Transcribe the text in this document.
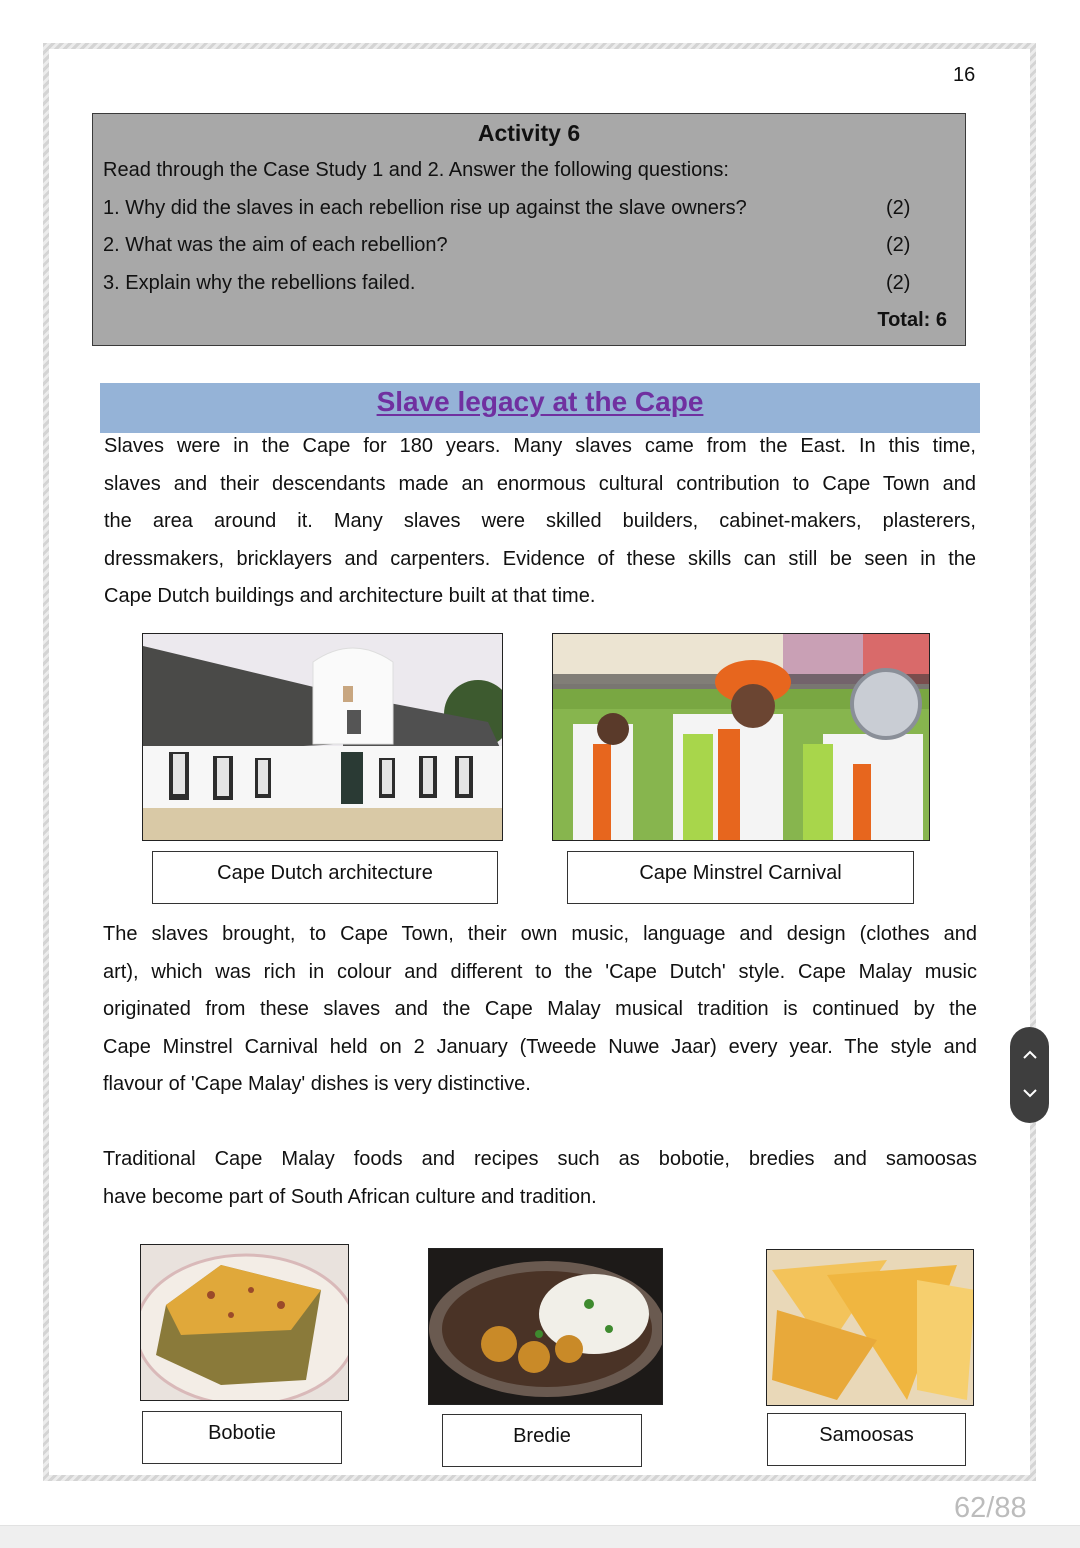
16
Activity 6
Read through the Case Study 1 and 2. Answer the following questions:
1. Why did the slaves in each rebellion rise up against the slave owners?	(2)
2. What was the aim of each rebellion?	(2)
3. Explain why the rebellions failed.	(2)
Total: 6
Slave legacy at the Cape
Slaves were in the Cape for 180 years. Many slaves came from the East. In this time,
slaves and their descendants made an enormous cultural contribution to Cape Town and
the area around it. Many slaves were skilled builders, cabinet-makers, plasterers,
dressmakers, bricklayers and carpenters. Evidence of these skills can still be seen in the
Cape Dutch buildings and architecture built at that time.
Cape Dutch architecture	Cape Minstrel Carnival
The slaves brought, to Cape Town, their own music, language and design (clothes and
art), which was rich in colour and different to the 'Cape Dutch' style. Cape Malay music
originated from these slaves and the Cape Malay musical tradition is continued by the
Cape Minstrel Carnival held on 2 January (Tweede Nuwe Jaar) every year. The style and
flavour of 'Cape Malay' dishes is very distinctive.
Traditional Cape Malay foods and recipes such as bobotie, bredies and samoosas
have become part of South African culture and tradition.
Bobotie	Bredie	Samoosas
62/88
